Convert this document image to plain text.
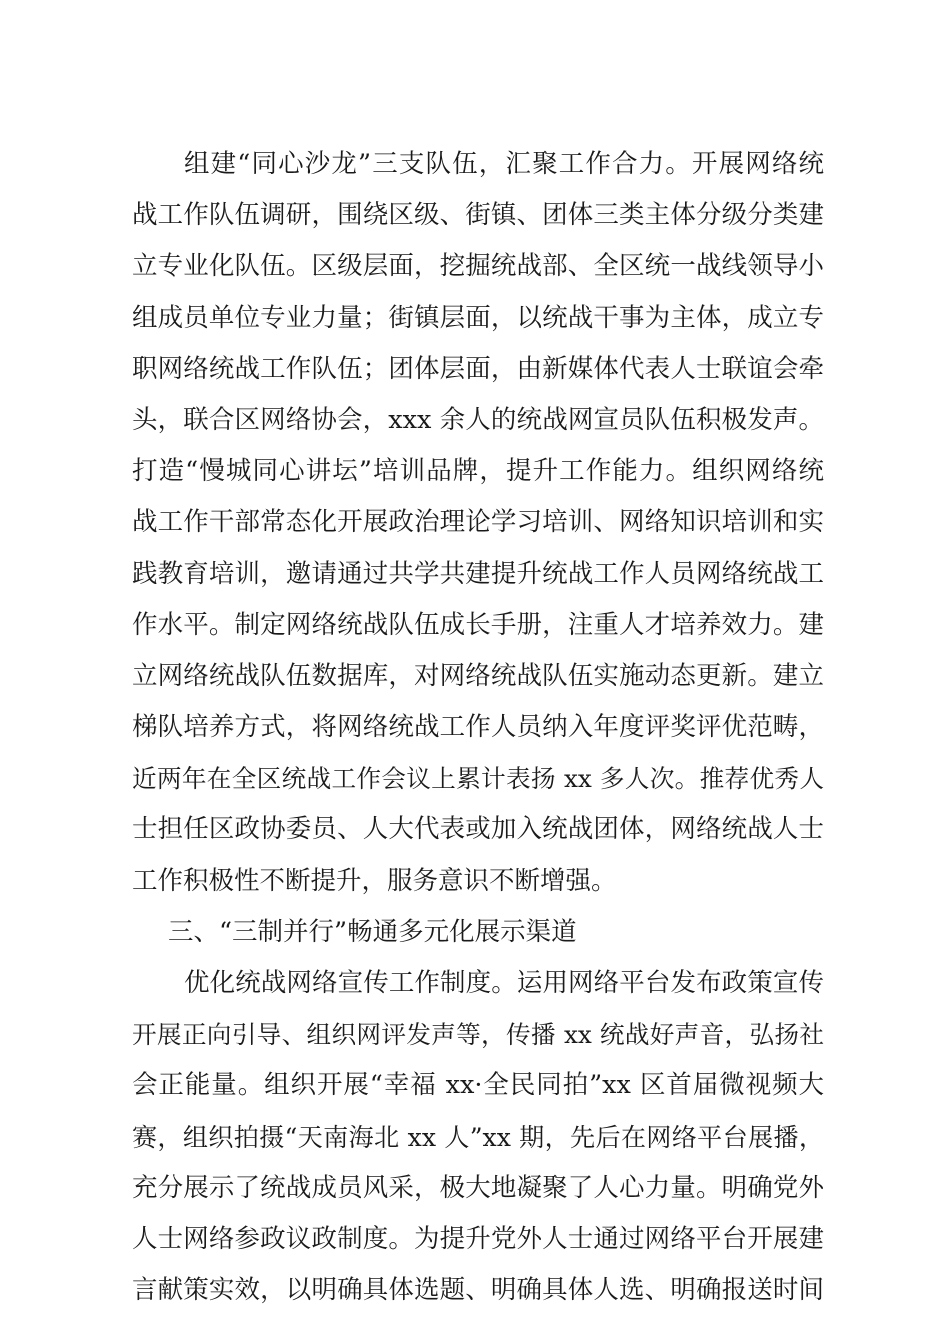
组建“同心沙龙”三支队伍，汇聚工作合力。开展网络统
战工作队伍调研，围绕区级、街镇、团体三类主体分级分类建
立专业化队伍。区级层面，挖掘统战部、全区统一战线领导小
组成员单位专业力量；街镇层面，以统战干事为主体，成立专
职网络统战工作队伍；团体层面，由新媒体代表人士联谊会牵
头，联合区网络协会，xxx 余人的统战网宣员队伍积极发声。
打造“慢城同心讲坛”培训品牌，提升工作能力。组织网络统
战工作干部常态化开展政治理论学习培训、网络知识培训和实
践教育培训，邀请通过共学共建提升统战工作人员网络统战工
作水平。制定网络统战队伍成长手册，注重人才培养效力。建
立网络统战队伍数据库，对网络统战队伍实施动态更新。建立
梯队培养方式，将网络统战工作人员纳入年度评奖评优范畴，
近两年在全区统战工作会议上累计表扬 xx 多人次。推荐优秀人
士担任区政协委员、人大代表或加入统战团体，网络统战人士
工作积极性不断提升，服务意识不断增强。
三、“三制并行”畅通多元化展示渠道
优化统战网络宣传工作制度。运用网络平台发布政策宣传
开展正向引导、组织网评发声等，传播 xx 统战好声音，弘扬社
会正能量。组织开展“幸福 xx·全民同拍”xx 区首届微视频大
赛，组织拍摄“天南海北 xx 人”xx 期，先后在网络平台展播，
充分展示了统战成员风采，极大地凝聚了人心力量。明确党外
人士网络参政议政制度。为提升党外人士通过网络平台开展建
言献策实效，以明确具体选题、明确具体人选、明确报送时间
